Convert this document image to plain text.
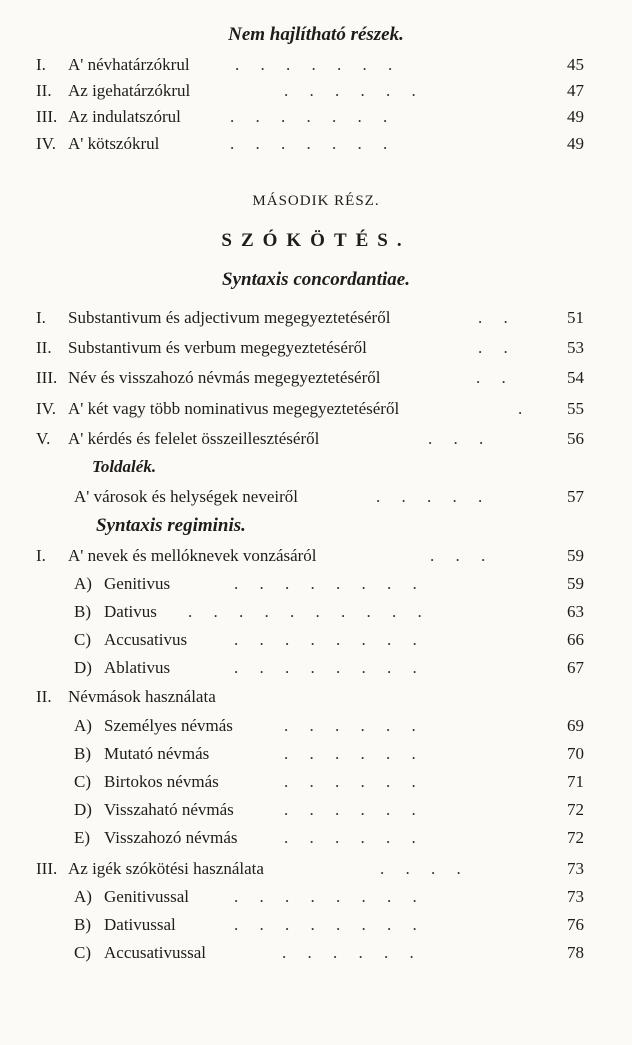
Nem hajlítható részek.
I. A' névhatárzókrul	.     .     .     .     .     .     .	45
II. Az igehatárzókrul	.     .     .     .     .     .	47
III. Az indulatszórul	.     .     .     .     .     .     .	49
IV. A' kötszókrul	.     .     .     .     .     .     .	49
MÁSODIK RÉSZ.
SZÓKÖTÉS.
Syntaxis concordantiae.
I. Substantivum és adjectivum megegyeztetéséről	.     .	51
II. Substantivum és verbum megegyeztetéséről	.     .	53
III. Név és visszahozó névmás megegyeztetéséről	.     .	54
IV. A' két vagy több nominativus megegyeztetéséről	.	55
V. A' kérdés és felelet összeillesztéséről	.     .     .	56
Toldalék.
A' városok és helységek neveiről	.     .     .     .     .	57
Syntaxis regiminis.
I. A' nevek és mellóknevek vonzásáról	.     .     .	59
A) Genitivus	.     .     .     .     .     .     .     .	59
B) Dativus .     .     .     .     .     .     .     .     .     .	63
C) Accusativus	.     .     .     .     .     .     .     .	66
D) Ablativus	.     .     .     .     .     .     .     .	67
II. Névmások használata
A) Személyes névmás	.     .     .     .     .     .	69
B) Mutató névmás	.     .     .     .     .     .	70
C) Birtokos névmás	.     .     .     .     .     .	71
D) Visszaható névmás	.     .     .     .     .     .	72
E) Visszahozó névmás	.     .     .     .     .     .	72
III. Az igék szókötési használata	.     .     .     .	73
A) Genitivussal	.     .     .     .     .     .     .     .	73
B) Dativussal	.     .     .     .     .     .     .     .	76
C) Accusativussal	.     .     .     .     .     .	78
